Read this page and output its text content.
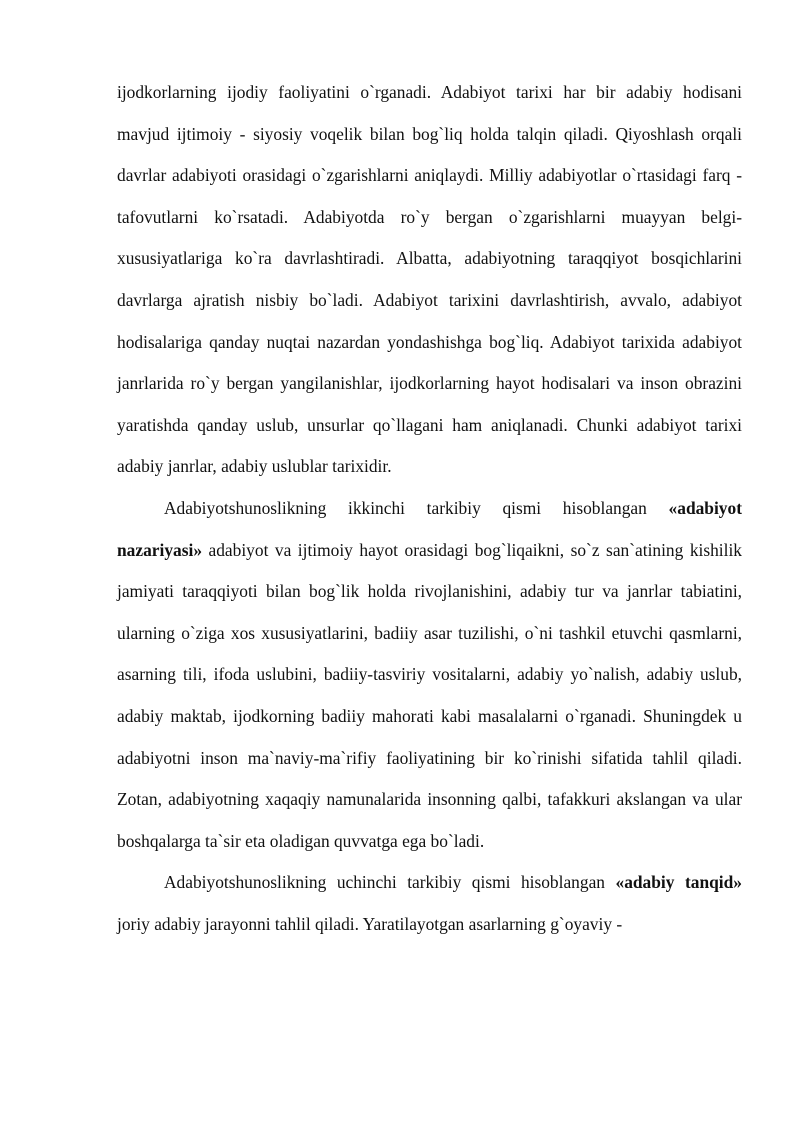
ijodkorlarning ijodiy faoliyatini o`rganadi. Adabiyot tarixi har bir adabiy hodisani mavjud ijtimoiy - siyosiy voqelik bilan bog`liq holda talqin qiladi. Qiyoshlash orqali davrlar adabiyoti orasidagi o`zgarishlarni aniqlaydi. Milliy adabiyotlar o`rtasidagi farq - tafovutlarni ko`rsatadi. Adabiyotda ro`y bergan o`zgarishlarni muayyan belgi-xususiyatlariga ko`ra davrlashtiradi. Albatta, adabiyotning taraqqiyot bosqichlarini davrlarga ajratish nisbiy bo`ladi. Adabiyot tarixini davrlashtirish, avvalo, adabiyot hodisalariga qanday nuqtai nazardan yondashishga bog`liq. Adabiyot tarixida adabiyot janrlarida ro`y bergan yangilanishlar, ijodkorlarning hayot hodisalari va inson obrazini yaratishda qanday uslub, unsurlar qo`llagani ham aniqlanadi. Chunki adabiyot tarixi adabiy janrlar, adabiy uslublar tarixidir.

Adabiyotshunoslikning ikkinchi tarkibiy qismi hisoblangan «adabiyot nazariyasi» adabiyot va ijtimoiy hayot orasidagi bog`liqaikni, so`z san`atining kishilik jamiyati taraqqiyoti bilan bog`lik holda rivojlanishini, adabiy tur va janrlar tabiatini, ularning o`ziga xos xususiyatlarini, badiiy asar tuzilishi, o`ni tashkil etuvchi qasmlarni, asarning tili, ifoda uslubini, badiiy-tasviriy vositalarni, adabiy yo`nalish, adabiy uslub, adabiy maktab, ijodkorning badiiy mahorati kabi masalalarni o`rganadi. Shuningdek u adabiyotni inson ma`naviy-ma`rifiy faoliyatining bir ko`rinishi sifatida tahlil qiladi. Zotan, adabiyotning xaqaqiy namunalarida insonning qalbi, tafakkuri akslangan va ular boshqalarga ta`sir eta oladigan quvvatga ega bo`ladi.

Adabiyotshunoslikning uchinchi tarkibiy qismi hisoblangan «adabiy tanqid» joriy adabiy jarayonni tahlil qiladi. Yaratilayotgan asarlarning g`oyaviy -
